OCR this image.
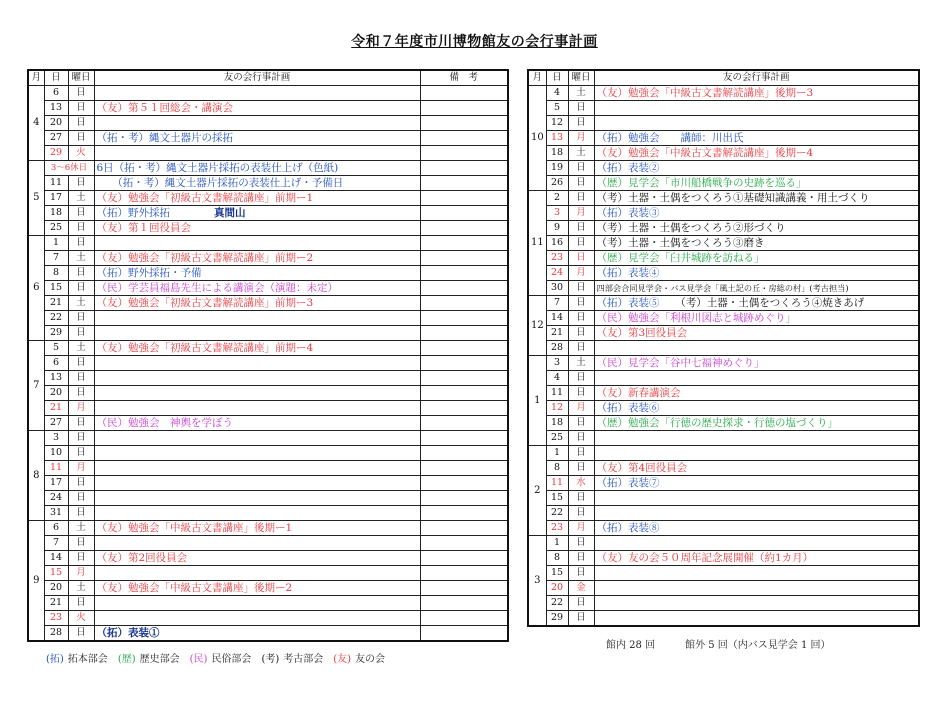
令和７年度市川博物館友の会行事計画
月	日	曜日	友の会行事計画	備　考
4	6	日		
	13	日	（友）第５１回総会・講演会	
	20	日		
	27	日	（拓・考）縄文土器片の採拓	
	29	火		
5	3～6休日		6日（拓・考）縄文土器片採拓の表装仕上げ（色紙)	
	11	日	　　（拓・考）縄文土器片採拓の表装仕上げ・予備日	
	17	土	（友）勉強会「初級古文書解読講座」前期ー1	
	18	日	（拓）野外採拓 真間山	
	25	日	（友）第１回役員会	
6	1	日		
	7	土	（友）勉強会「初級古文書解読講座」前期ー2	
	8	日	（拓）野外採拓・予備	
	15	日	（民）学芸員福島先生による講演会（演題：未定）	
	21	土	（友）勉強会「初級古文書解読講座」前期ー3	
	22	日		
	29	日		
7	5	土	（友）勉強会「初級古文書解読講座」前期ー4	
	6	日		
	13	日		
	20	日		
	21	月		
	27	日	（民）勉強会　神輿を学ぼう	
8	3	日		
	10	日		
	11	月		
	17	日		
	24	日		
	31	日		
9	6	土	（友）勉強会「中級古文書講座」後期ー1	
	7	日		
	14	日	（友）第2回役員会	
	15	月		
	20	土	（友）勉強会「中級古文書講座」後期ー2	
	21	日		
	23	火		
	28	日	（拓）表装①	
月	日	曜日	友の会行事計画
10	4	土	（友）勉強会「中級古文書解読講座」後期ー3
	5	日	
	12	日	
	13	月	（拓）勉強会　　講師：川出氏
	18	土	（友）勉強会「中級古文書解読講座」後期ー4
	19	日	（拓）表装②
	26	日	（歴）見学会「市川船橋戦争の史跡を巡る」
11	2	日	（考）土器・土偶をつくろう①基礎知識講義・用土づくり
	3	月	（拓）表装③
	9	日	（考）土器・土偶をつくろう②形づくり
	16	日	（考）土器・土偶をつくろう③磨き
	23	日	（歴）見学会「臼井城跡を訪ねる」
	24	月	（拓）表装④
	30	日	四部会合同見学会・バス見学会「風土記の丘・房総の村」(考古担当)
12	7	日	（拓）表装⑤　　（考）土器・土偶をつくろう④焼きあげ
	14	日	（民）勉強会「利根川図志と城跡めぐり」
	21	日	（友）第3回役員会
	28	日	
1	3	土	（民）見学会「谷中七福神めぐり」
	4	日	
	11	日	（友）新春講演会
	12	月	（拓）表装⑥
	18	日	（歴）勉強会「行徳の歴史探求・行徳の塩づくり」
	25	日	
2	1	日	
	8	日	（友）第4回役員会
	11	水	（拓）表装⑦
	15	日	
	22	日	
	23	月	（拓）表装⑧
3	1	日	
	8	日	（友）友の会５０周年記念展開催（約1カ月）
	15	日	
	20	金	
	22	日	
	29	日	
館内 28 回　　　館外 5 回（内バス見学会 1 回）
(拓) 拓本部会 (歴) 歴史部会 (民) 民俗部会 (考) 考古部会 (友) 友の会
